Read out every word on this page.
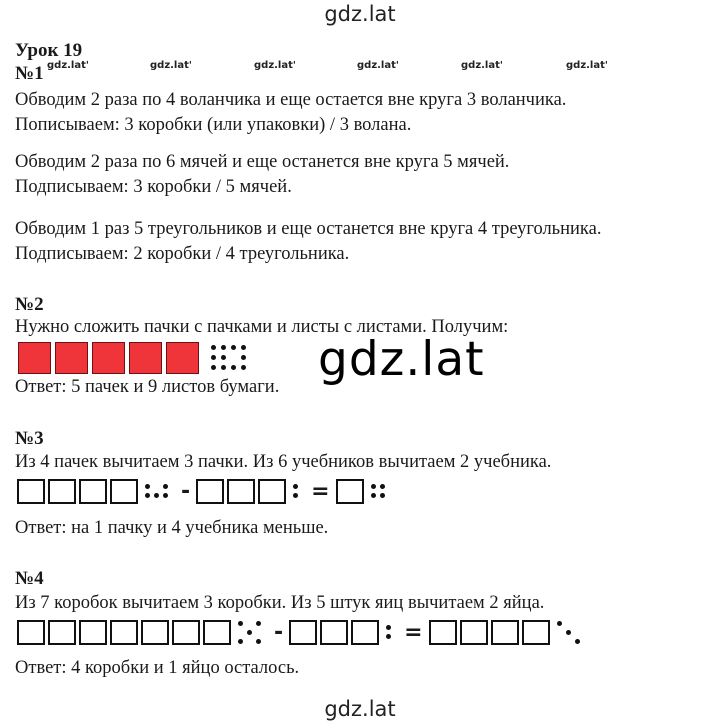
gdz.lat
gdz.lat'	gdz.lat'	gdz.lat'	gdz.lat'	gdz.lat'	gdz.lat'
Урок 19
№1
Обводим 2 раза по 4 воланчика и еще остается вне круга 3 воланчика.
Пописываем: 3 коробки (или упаковки) / 3 волана.
Обводим 2 раза по 6 мячей и еще останется вне круга 5 мячей.
Подписываем: 3 коробки / 5 мячей.
Обводим 1 раз 5 треугольников и еще останется вне круга 4 треугольника.
Подписываем: 2 коробки / 4 треугольника.
№2
Нужно сложить пачки с пачками и листы с листами. Получим:
gdz.lat
Ответ: 5 пачек и 9 листов бумаги.
№3
Из 4 пачек вычитаем 3 пачки. Из 6 учебников вычитаем 2 учебника.
-	=
Ответ: на 1 пачку и 4 учебника меньше.
№4
Из 7 коробок вычитаем 3 коробки. Из 5 штук яиц вычитаем 2 яйца.
-	=
Ответ: 4 коробки и 1 яйцо осталось.
gdz.lat
